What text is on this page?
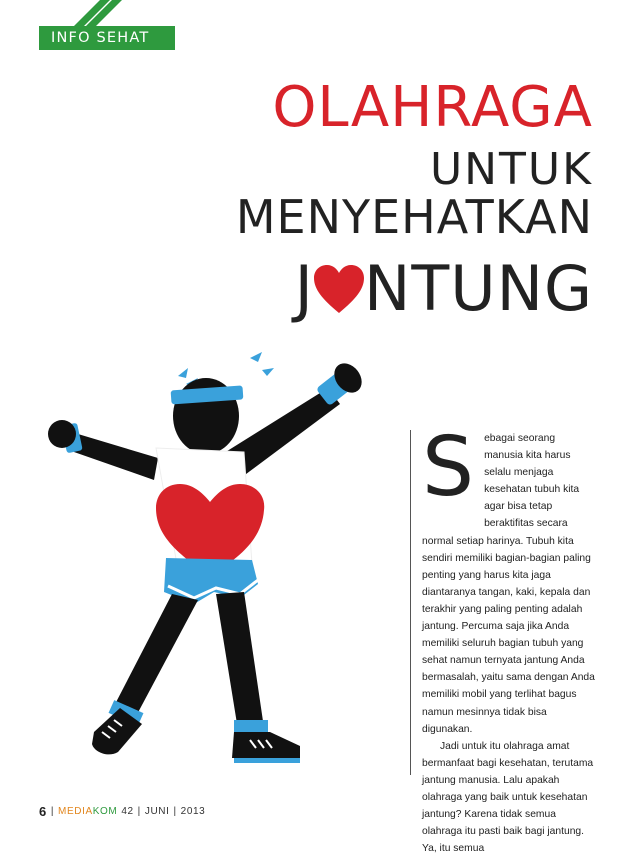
INFO SEHAT
OLAHRAGA
UNTUK
MENYEHATKAN
J NTUNG
S ebagai seorang manusia kita harus selalu menjaga kesehatan tubuh kita agar bisa tetap beraktifitas secara normal setiap harinya. Tubuh kita sendiri memiliki bagian-bagian paling penting yang harus kita jaga diantaranya tangan, kaki, kepala dan terakhir yang paling penting adalah jantung. Percuma saja jika Anda memiliki seluruh bagian tubuh yang sehat namun ternyata jantung Anda bermasalah, yaitu sama dengan Anda memiliki mobil yang terlihat bagus namun mesinnya tidak bisa digunakan.

Jadi untuk itu olahraga amat bermanfaat bagi kesehatan, terutama jantung manusia. Lalu apakah olahraga yang baik untuk kesehatan jantung? Karena tidak semua olahraga itu pasti baik bagi jantung. Ya, itu semua

6 | MEDIAKOM 42 | JUNI | 2013
